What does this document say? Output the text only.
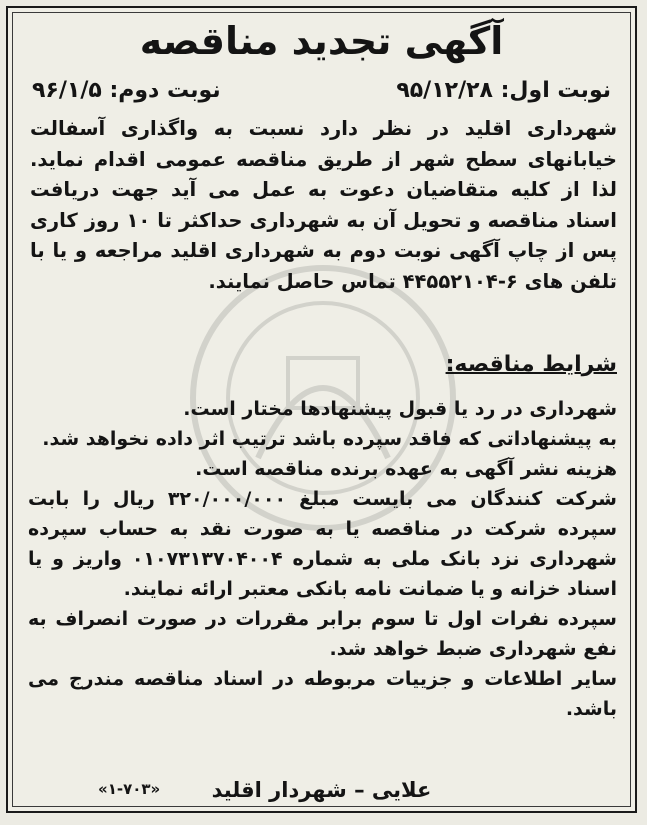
آگهی تجدید مناقصه
نوبت اول: ۹۵/۱۲/۲۸
نوبت دوم: ۹۶/۱/۵

شهرداری اقلید در نظر دارد نسبت به واگذاری آسفالت خیابانهای سطح شهر از طریق مناقصه عمومی اقدام نماید. لذا از کلیه متقاضیان دعوت به عمل می آید جهت دریافت اسناد مناقصه و تحویل آن به شهرداری حداکثر تا ۱۰ روز کاری پس از چاپ آگهی نوبت دوم به شهرداری اقلید مراجعه و یا با تلفن های ۶-۴۴۵۵۲۱۰۴ تماس حاصل نمایند.

شرایط مناقصه:

شهرداری در رد یا قبول پیشنهادها مختار است.

به پیشنهاداتی که فاقد سپرده باشد ترتیب اثر داده نخواهد شد.

هزینه نشر آگهی به عهده برنده مناقصه است.

شرکت کنندگان می بایست مبلغ ۳۲۰/۰۰۰/۰۰۰ ریال را بابت سپرده شرکت در مناقصه یا به صورت نقد به حساب سپرده شهرداری نزد بانک ملی به شماره ۰۱۰۷۳۱۳۷۰۴۰۰۴ واریز و یا اسناد خزانه و یا ضمانت نامه بانکی معتبر ارائه نمایند.

سپرده نفرات اول تا سوم برابر مقررات در صورت انصراف به نفع شهرداری ضبط خواهد شد.

سایر اطلاعات و جزییات مربوطه در اسناد مناقصه مندرج می باشد.

علایی – شهردار اقلید
«۱-۷۰۳»
